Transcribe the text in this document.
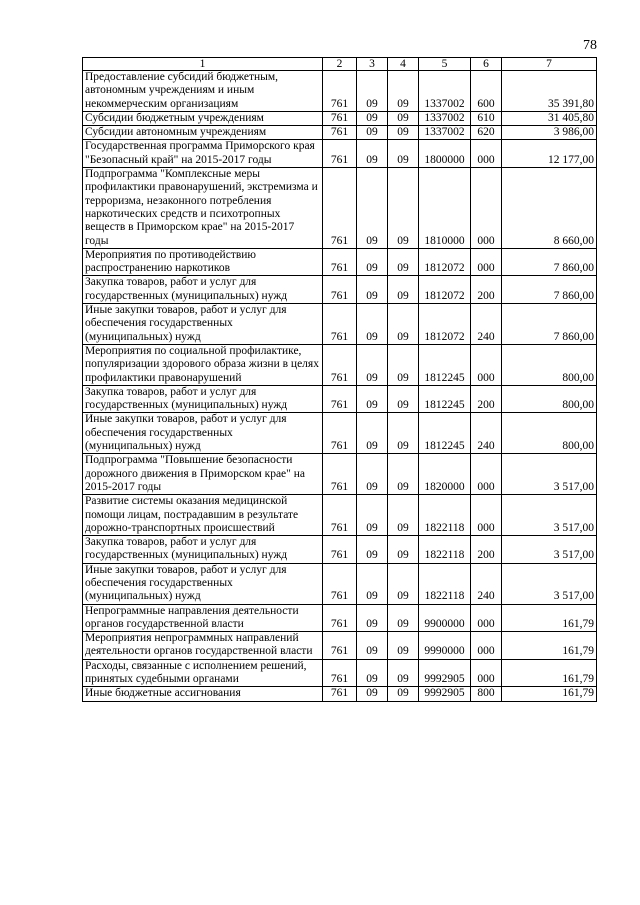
78
1	2	3	4	5	6	7
Предоставление субсидий бюджетным, автономным учреждениям и иным некоммерческим организациям	761	09	09	1337002	600	35 391,80
Субсидии бюджетным учреждениям	761	09	09	1337002	610	31 405,80
Субсидии автономным учреждениям	761	09	09	1337002	620	3 986,00
Государственная программа Приморского края "Безопасный край" на 2015-2017 годы	761	09	09	1800000	000	12 177,00
Подпрограмма "Комплексные меры профилактики правонарушений, экстремизма и терроризма, незаконного потребления наркотических средств и психотропных веществ в Приморском крае" на 2015-2017 годы	761	09	09	1810000	000	8 660,00
Мероприятия по противодействию распространению наркотиков	761	09	09	1812072	000	7 860,00
Закупка товаров, работ и услуг для государственных (муниципальных) нужд	761	09	09	1812072	200	7 860,00
Иные закупки товаров, работ и услуг для обеспечения государственных (муниципальных) нужд	761	09	09	1812072	240	7 860,00
Мероприятия по социальной профилактике, популяризации здорового образа жизни в целях профилактики правонарушений	761	09	09	1812245	000	800,00
Закупка товаров, работ и услуг для государственных (муниципальных) нужд	761	09	09	1812245	200	800,00
Иные закупки товаров, работ и услуг для обеспечения государственных (муниципальных) нужд	761	09	09	1812245	240	800,00
Подпрограмма "Повышение безопасности дорожного движения в Приморском крае" на 2015-2017 годы	761	09	09	1820000	000	3 517,00
Развитие системы оказания медицинской помощи лицам, пострадавшим в результате дорожно-транспортных происшествий	761	09	09	1822118	000	3 517,00
Закупка товаров, работ и услуг для государственных (муниципальных) нужд	761	09	09	1822118	200	3 517,00
Иные закупки товаров, работ и услуг для обеспечения государственных (муниципальных) нужд	761	09	09	1822118	240	3 517,00
Непрограммные направления деятельности органов государственной власти	761	09	09	9900000	000	161,79
Мероприятия непрограммных направлений деятельности органов государственной власти	761	09	09	9990000	000	161,79
Расходы, связанные с исполнением решений, принятых судебными органами	761	09	09	9992905	000	161,79
Иные бюджетные ассигнования	761	09	09	9992905	800	161,79
